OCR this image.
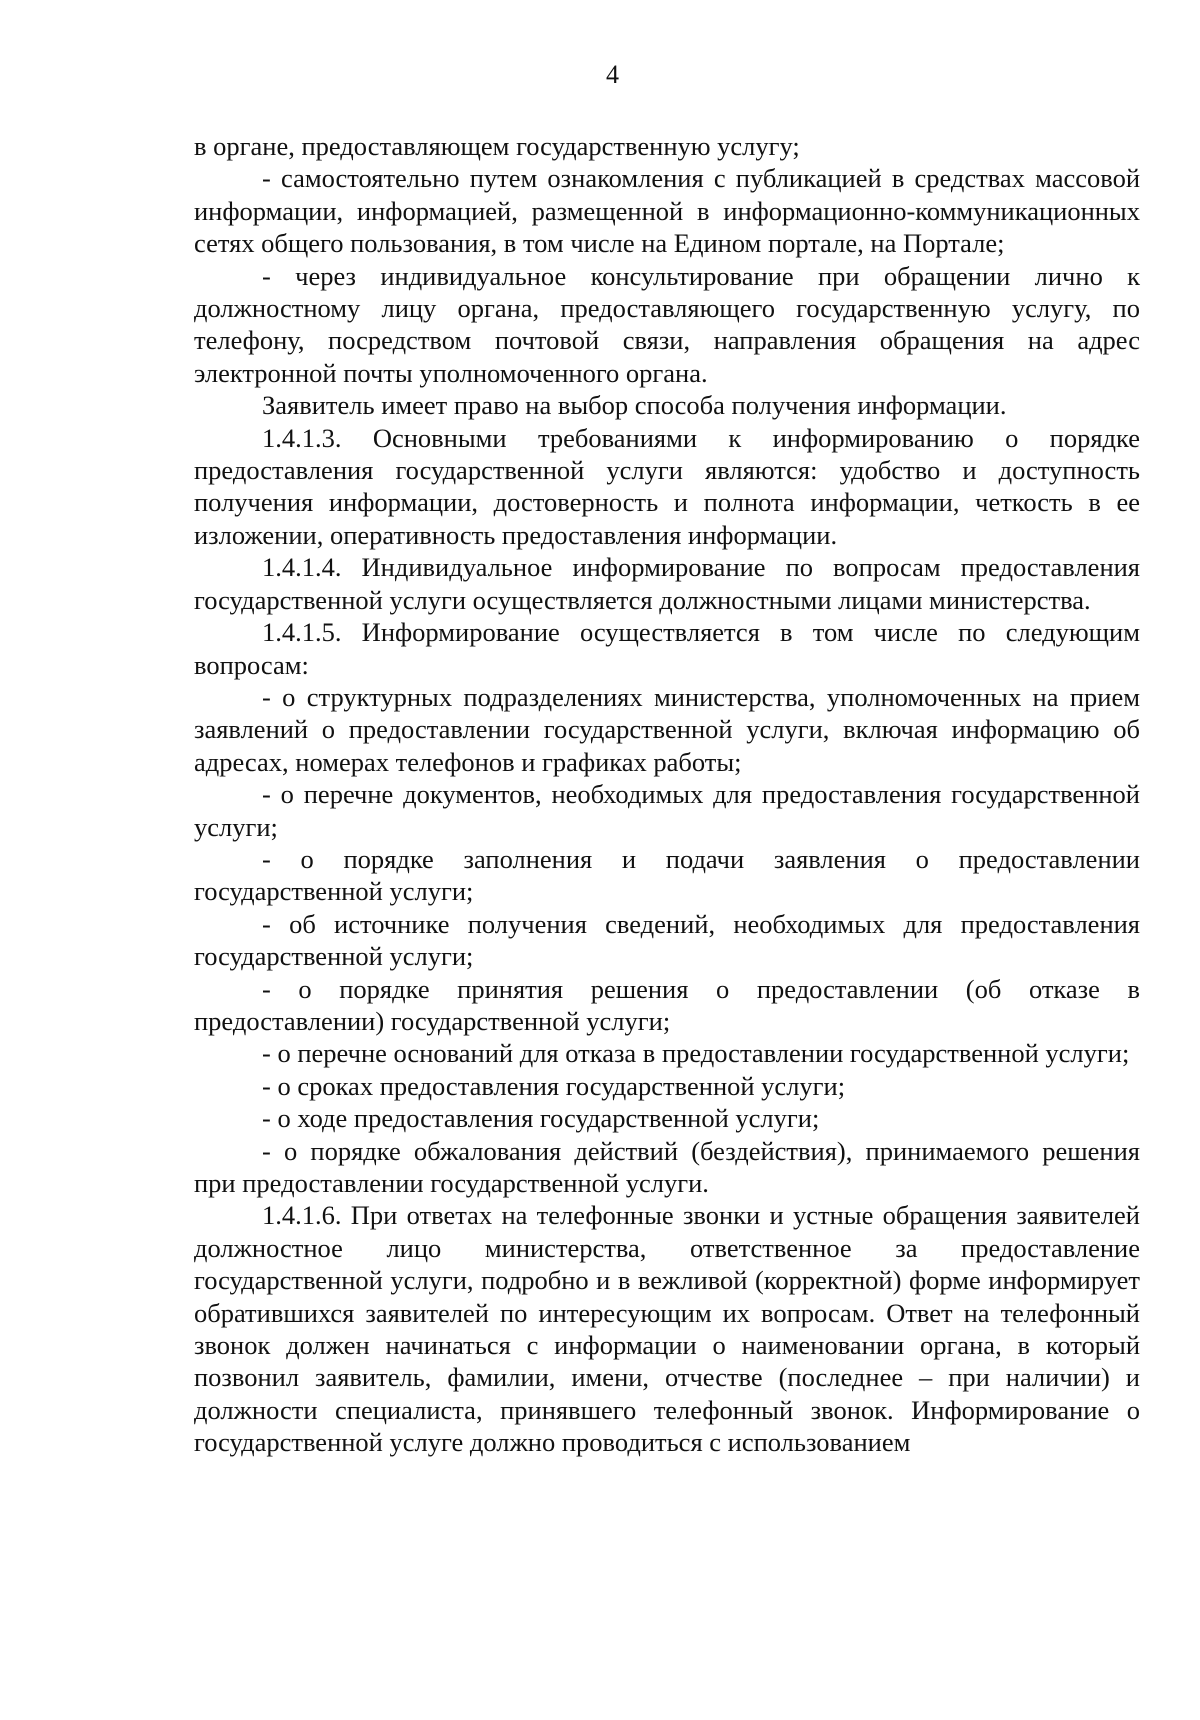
4

в органе, предоставляющем государственную услугу;

- самостоятельно путем ознакомления с публикацией в средствах массовой информации, информацией, размещенной в информационно-коммуникационных сетях общего пользования, в том числе на Едином портале, на Портале;

- через индивидуальное консультирование при обращении лично к должностному лицу органа, предоставляющего государственную услугу, по телефону, посредством почтовой связи, направления обращения на адрес электронной почты уполномоченного органа.

Заявитель имеет право на выбор способа получения информации.

1.4.1.3. Основными требованиями к информированию о порядке предоставления государственной услуги являются: удобство и доступность получения информации, достоверность и полнота информации, четкость в ее изложении, оперативность предоставления информации.

1.4.1.4. Индивидуальное информирование по вопросам предоставления государственной услуги осуществляется должностными лицами министерства.

1.4.1.5. Информирование осуществляется в том числе по следующим вопросам:

- о структурных подразделениях министерства, уполномоченных на прием заявлений о предоставлении государственной услуги, включая информацию об адресах, номерах телефонов и графиках работы;

- о перечне документов, необходимых для предоставления государственной услуги;

- о порядке заполнения и подачи заявления о предоставлении государственной услуги;

- об источнике получения сведений, необходимых для предоставления государственной услуги;

- о порядке принятия решения о предоставлении (об отказе в предоставлении) государственной услуги;

- о перечне оснований для отказа в предоставлении государственной услуги;

- о сроках предоставления государственной услуги;

- о ходе предоставления государственной услуги;

- о порядке обжалования действий (бездействия), принимаемого решения при предоставлении государственной услуги.

1.4.1.6. При ответах на телефонные звонки и устные обращения заявителей должностное лицо министерства, ответственное за предоставление государственной услуги, подробно и в вежливой (корректной) форме информирует обратившихся заявителей по интересующим их вопросам. Ответ на телефонный звонок должен начинаться с информации о наименовании органа, в который позвонил заявитель, фамилии, имени, отчестве (последнее – при наличии) и должности специалиста, принявшего телефонный звонок. Информирование о государственной услуге должно проводиться с использованием
